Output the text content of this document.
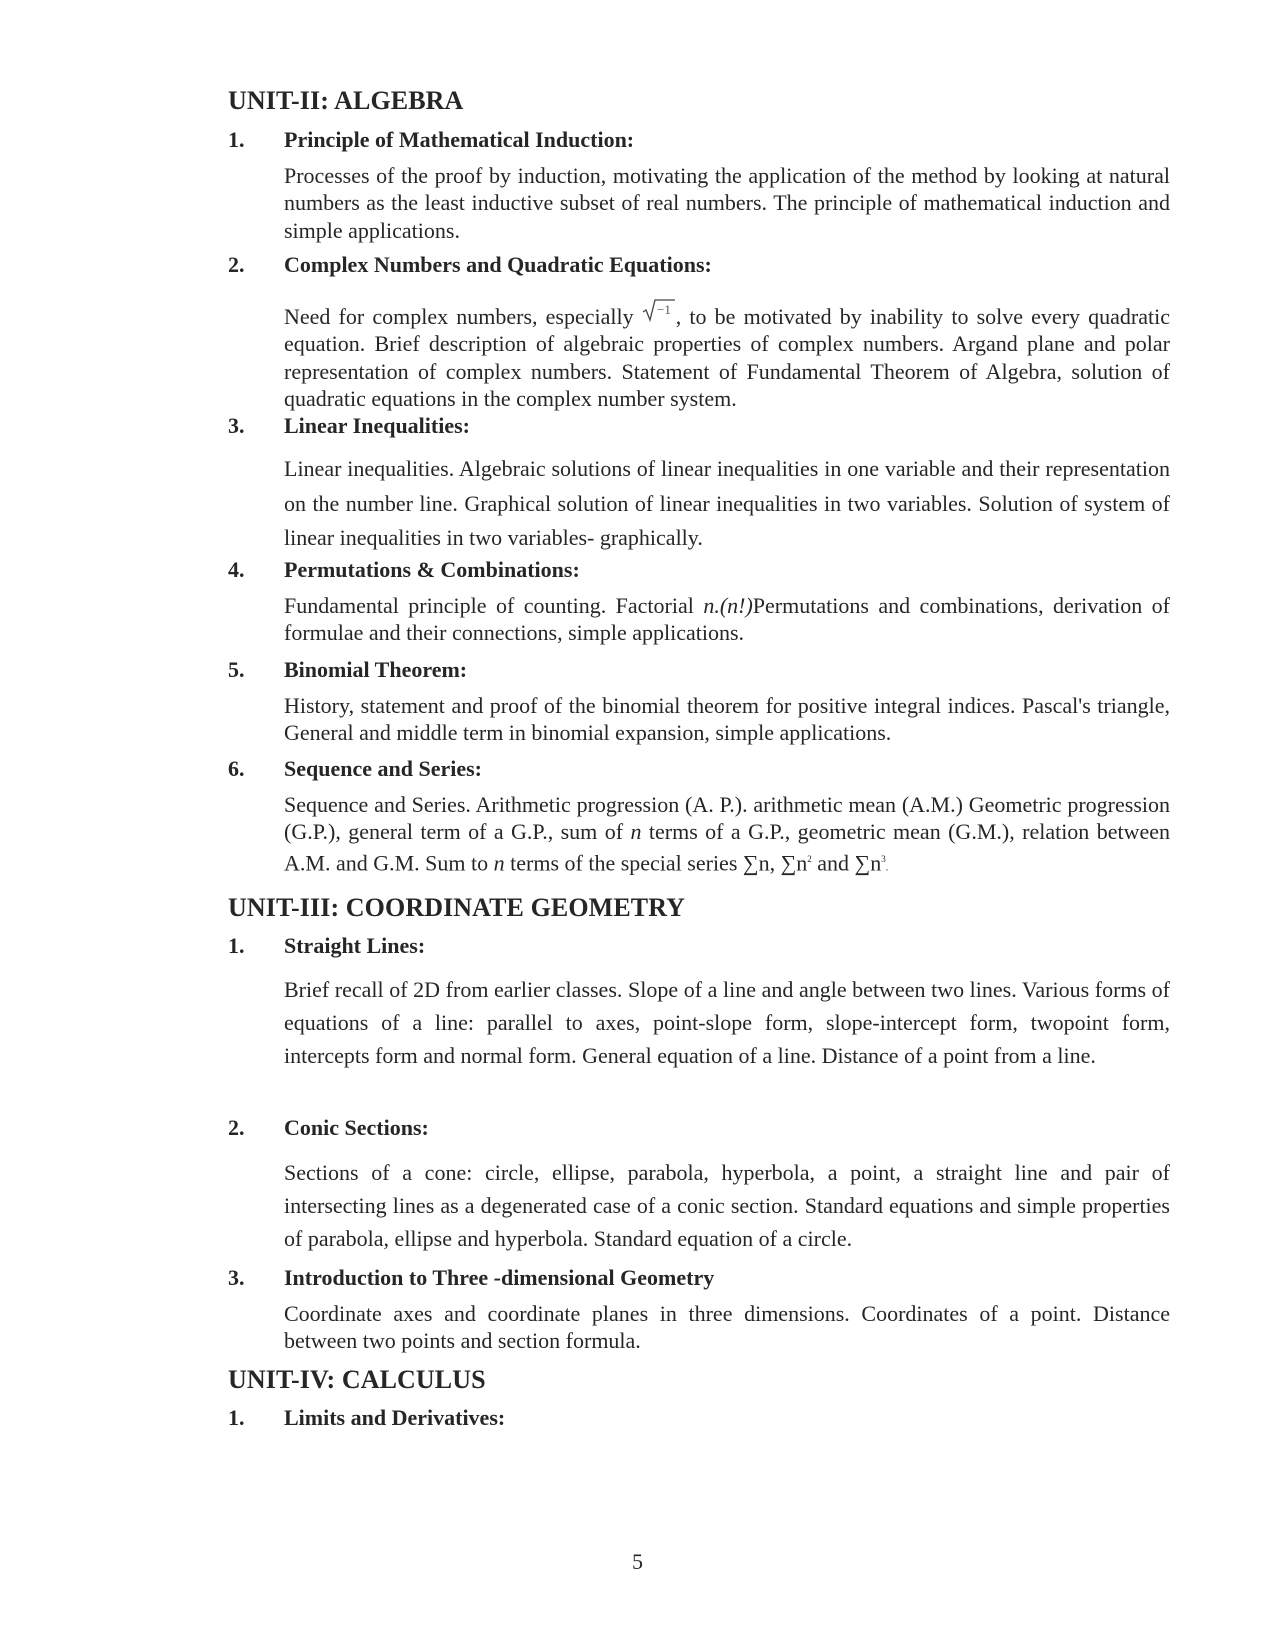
UNIT-II: ALGEBRA
1.	Principle of Mathematical Induction:
Processes of the proof by induction, motivating the application of the method by looking at natural numbers as the least inductive subset of real numbers. The principle of mathematical induction and simple applications.
2.	Complex Numbers and Quadratic Equations:
Need for complex numbers, especially −1 , to be motivated by inability to solve every quadratic equation. Brief description of algebraic properties of complex numbers. Argand plane and polar representation of complex numbers. Statement of Fundamental Theorem of Algebra, solution of quadratic equations in the complex number system.
3.	Linear Inequalities:
Linear inequalities. Algebraic solutions of linear inequalities in one variable and their representation on the number line. Graphical solution of linear inequalities in two variables. Solution of system of linear inequalities in two variables- graphically.
4.	Permutations & Combinations:
Fundamental principle of counting. Factorial n.(n!)Permutations and combinations, derivation of formulae and their connections, simple applications.
5.	Binomial Theorem:
History, statement and proof of the binomial theorem for positive integral indices. Pascal's triangle, General and middle term in binomial expansion, simple applications.
6.	Sequence and Series:
Sequence and Series. Arithmetic progression (A. P.). arithmetic mean (A.M.) Geometric progression (G.P.), general term of a G.P., sum of n terms of a G.P., geometric mean (G.M.), relation between A.M. and G.M. Sum to n terms of the special series ∑n, $\sum n^2$ and $\sum n^3$.
UNIT-III: COORDINATE GEOMETRY
1.	Straight Lines:
Brief recall of 2D from earlier classes. Slope of a line and angle between two lines. Various forms of equations of a line: parallel to axes, point-slope form, slope-intercept form, twopoint form, intercepts form and normal form. General equation of a line. Distance of a point from a line.
2.	Conic Sections:
Sections of a cone: circle, ellipse, parabola, hyperbola, a point, a straight line and pair of intersecting lines as a degenerated case of a conic section. Standard equations and simple properties of parabola, ellipse and hyperbola. Standard equation of a circle.
3.	Introduction to Three -dimensional Geometry
Coordinate axes and coordinate planes in three dimensions. Coordinates of a point. Distance between two points and section formula.
UNIT-IV: CALCULUS
1.	Limits and Derivatives:
5
